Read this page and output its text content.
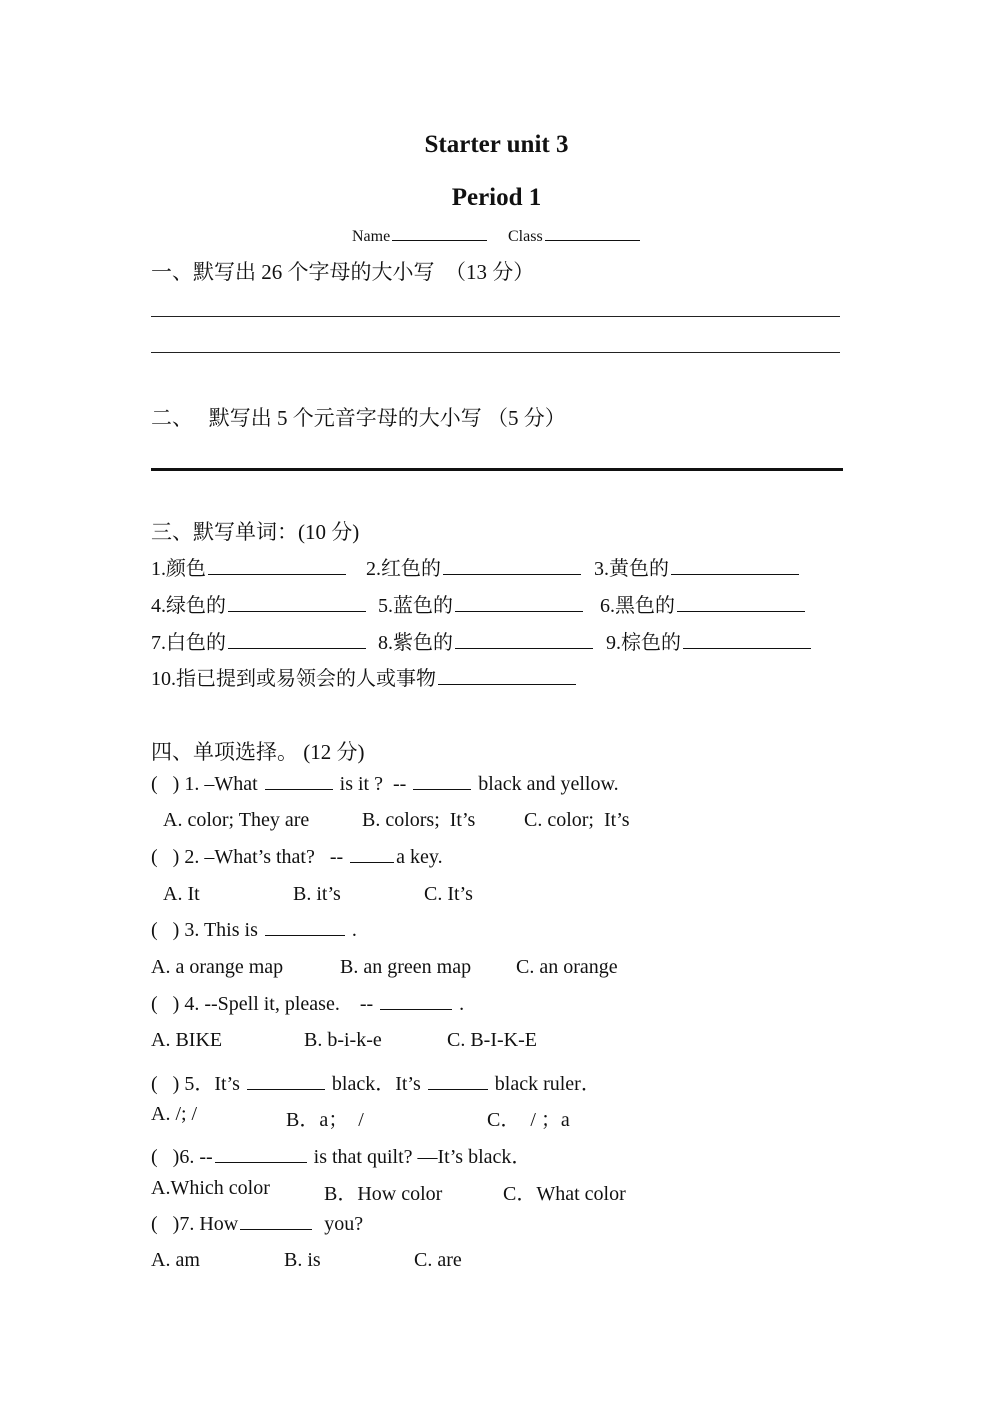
Starter unit 3
Period 1
Name	Class
一、默写出 26 个字母的大小写  （13 分）
二、   默写出 5 个元音字母的大小写 （5 分）
三、默写单词：(10 分)
1.颜色	2.红色的	3.黄色的
4.绿色的	5.蓝色的	6.黑色的
7.白色的	8.紫色的	9.棕色的
10.指已提到或易领会的人或事物
四、单项选择。 (12 分)
(   ) 1. –What	is it ?  --	black and yellow.
A. color; They are	B. colors;  It’s C. color;  It’s
(   ) 2. –What’s that?   --	a key.
A. It	B. it’s	C. It’s
(   ) 3. This is	.
A. a orange map	B. an green map C. an orange
(   ) 4. --Spell it, please.    --	.
A. BIKE	B. b-i-k-e	C. B-I-K-E
(   ) 5．It’s	black．It’s	black ruler．
A. /; /	B．a；  /	C．  / ；a
(   )6. --	is that quilt? —It’s black．
A.Which color	B．How color	C．What color
(   )7. How	you?
A. am	B. is	C. are
